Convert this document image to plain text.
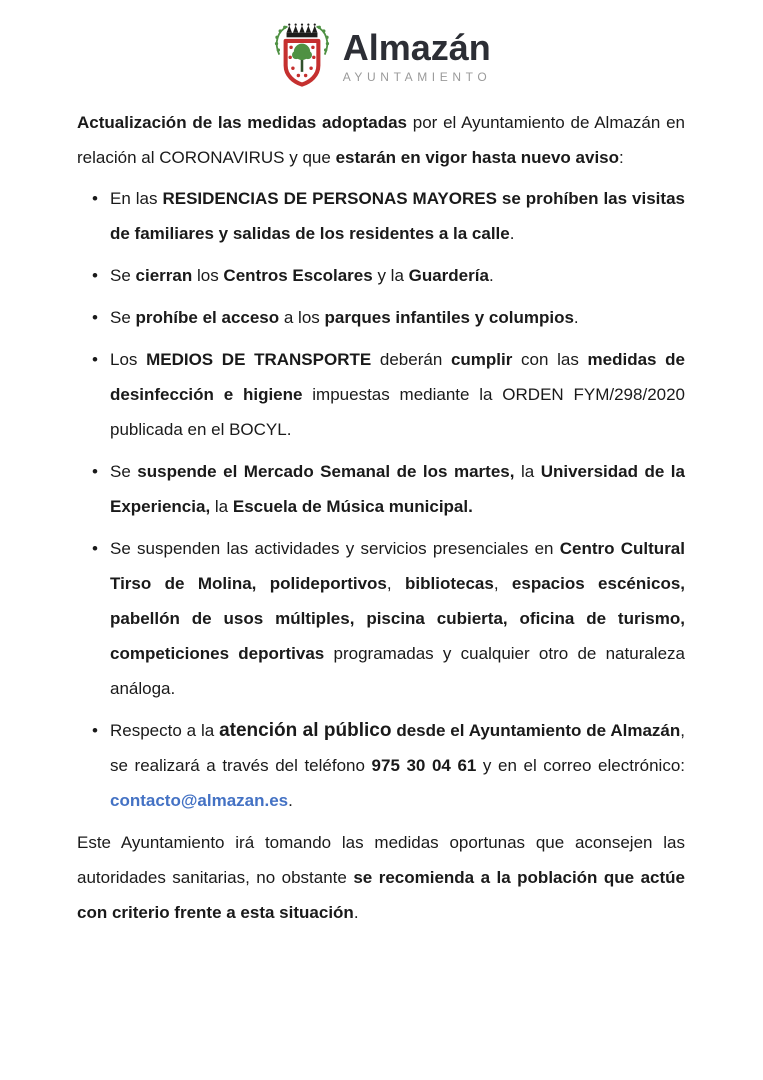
Almazán
AYUNTAMIENTO

Actualización de las medidas adoptadas por el Ayuntamiento de Almazán en relación al CORONAVIRUS y que estarán en vigor hasta nuevo aviso:

• En las RESIDENCIAS DE PERSONAS MAYORES se prohíben las visitas de familiares y salidas de los residentes a la calle.
• Se cierran los Centros Escolares y la Guardería.
• Se prohíbe el acceso a los parques infantiles y columpios.
• Los MEDIOS DE TRANSPORTE deberán cumplir con las medidas de desinfección e higiene impuestas mediante la ORDEN FYM/298/2020 publicada en el BOCYL.
• Se suspende el Mercado Semanal de los martes, la Universidad de la Experiencia, la Escuela de Música municipal.
• Se suspenden las actividades y servicios presenciales en Centro Cultural Tirso de Molina, polideportivos, bibliotecas, espacios escénicos, pabellón de usos múltiples, piscina cubierta, oficina de turismo, competiciones deportivas programadas y cualquier otro de naturaleza análoga.
• Respecto a la atención al público desde el Ayuntamiento de Almazán, se realizará a través del teléfono 975 30 04 61 y en el correo electrónico: contacto@almazan.es.

Este Ayuntamiento irá tomando las medidas oportunas que aconsejen las autoridades sanitarias, no obstante se recomienda a la población que actúe con criterio frente a esta situación.
